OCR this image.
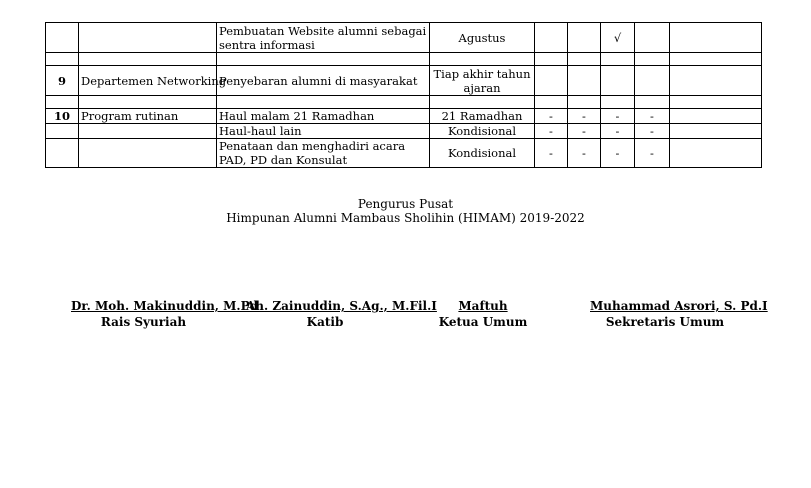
		Pembuatan Website alumni sebagai sentra informasi	Agustus			√		

9	Departemen Networking	Penyebaran alumni di masyarakat	Tiap akhir tahun ajaran					

10	Program rutinan	Haul malam 21 Ramadhan	21 Ramadhan	-	-	-	-	
		Haul-haul lain	Kondisional	-	-	-	-	
		Penataan dan menghadiri acara PAD, PD dan Konsulat	Kondisional	-	-	-	-	
Pengurus Pusat
Himpunan Alumni Mambaus Sholihin (HIMAM) 2019-2022
Dr. Moh. Makinuddin, M.Pd
Rais Syuriah
Ah. Zainuddin, S.Ag., M.Fil.I
Katib
Maftuh
Ketua Umum
Muhammad Asrori, S. Pd.I
Sekretaris Umum
